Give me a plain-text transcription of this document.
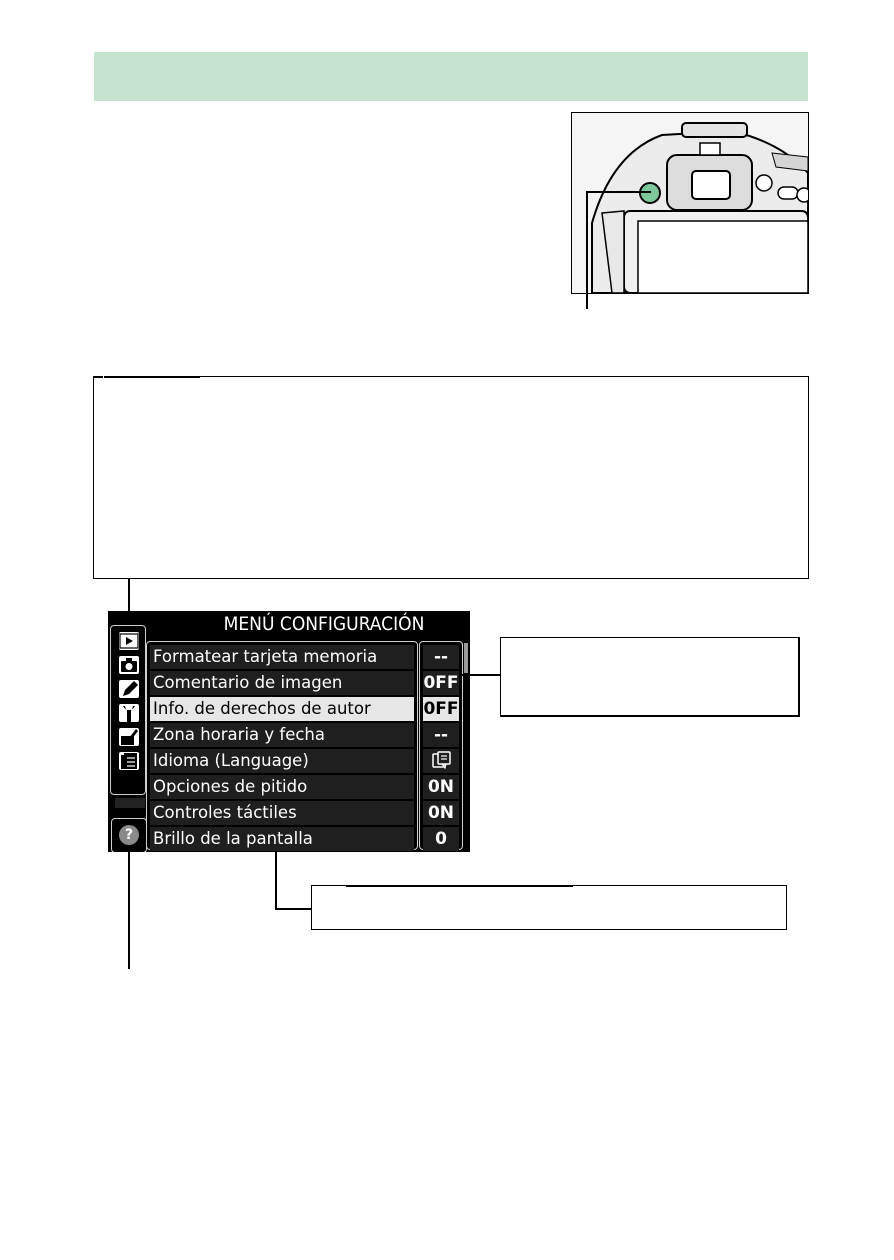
MENÚ CONFIGURACIÓN
?
Formatear tarjeta memoria
Comentario de imagen
Info. de derechos de autor
Zona horaria y fecha
Idioma (Language)
Opciones de pitido
Controles táctiles
Brillo de la pantalla
--
0FF
0FF
--
0N
0N
0
